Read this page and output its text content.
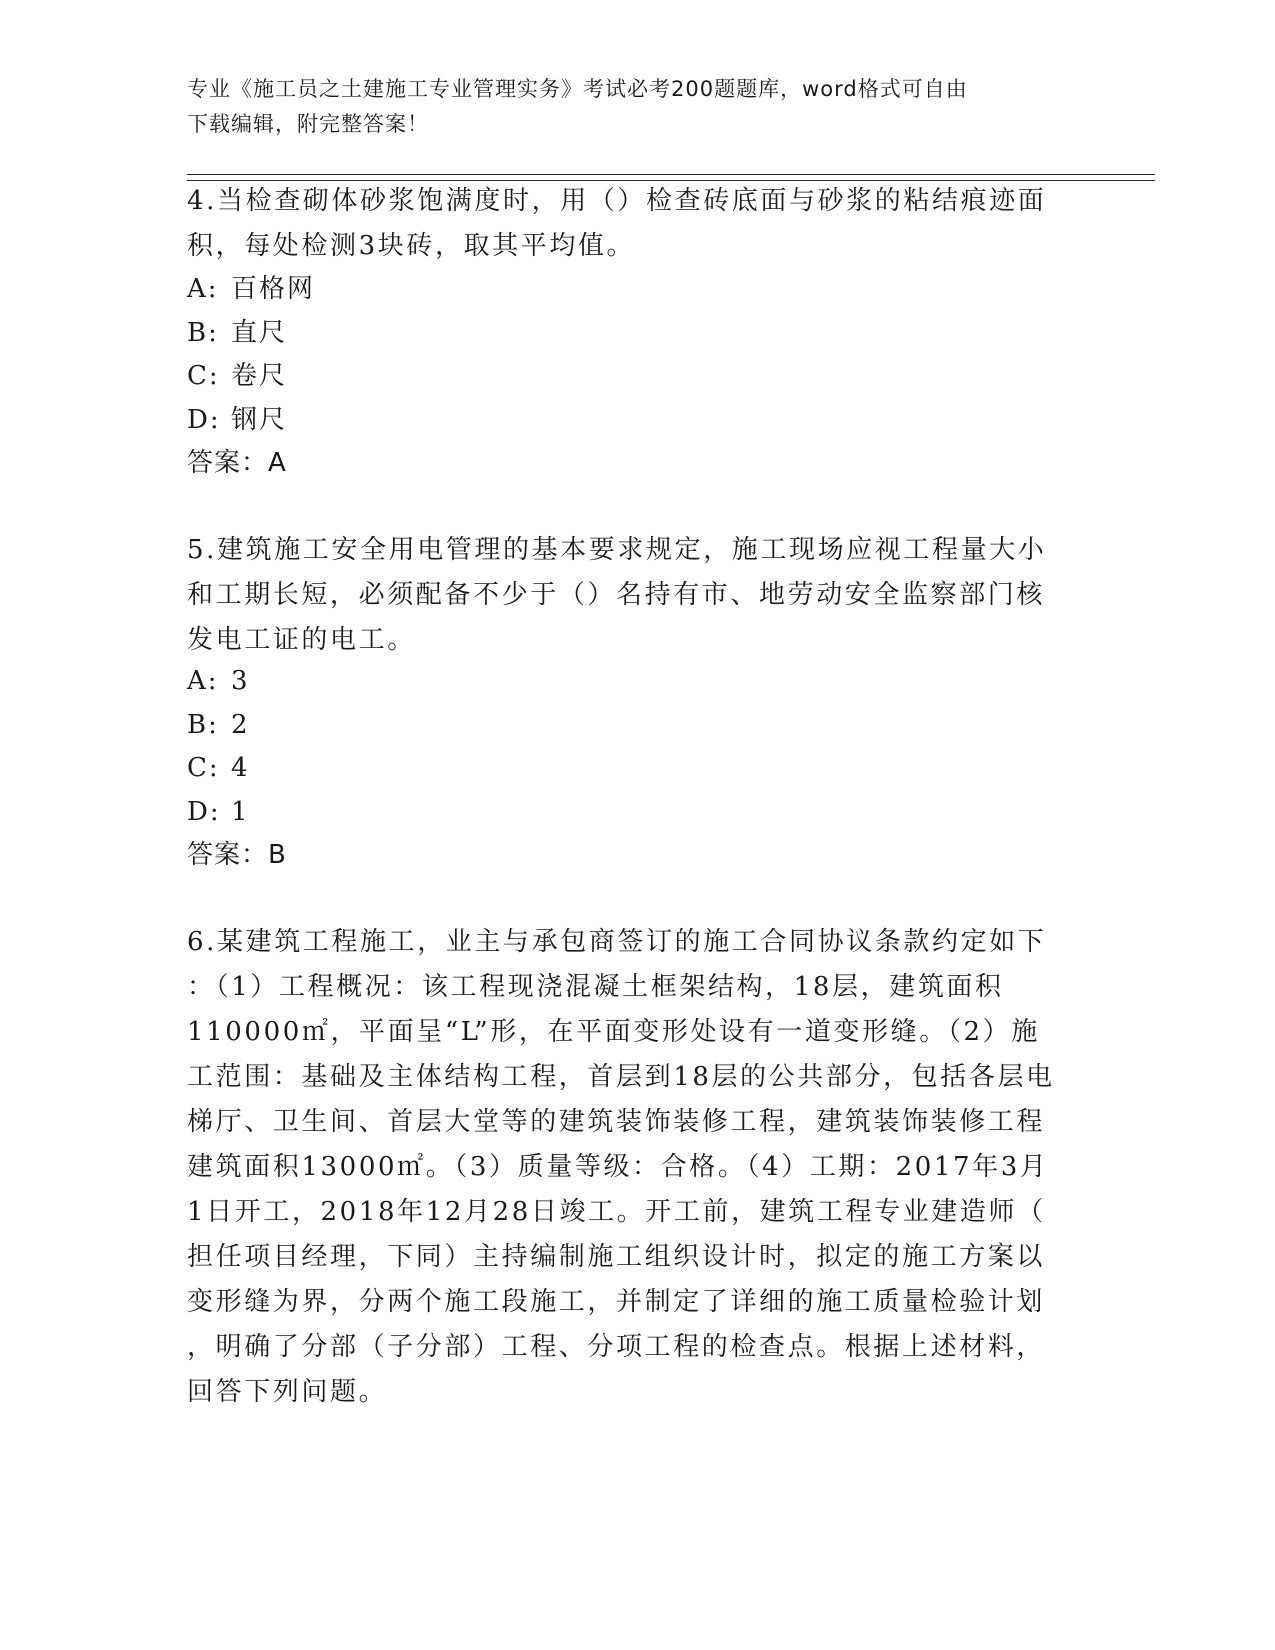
专业《施工员之土建施工专业管理实务》考试必考200题题库，word格式可自由
下载编辑，附完整答案！
4.当检查砌体砂浆饱满度时，用（）检查砖底面与砂浆的粘结痕迹面
积，每处检测3块砖，取其平均值。
A: 百格网
B: 直尺
C: 卷尺
D: 钢尺
答案：A
5.建筑施工安全用电管理的基本要求规定，施工现场应视工程量大小
和工期长短，必须配备不少于（）名持有市、地劳动安全监察部门核
发电工证的电工。
A: 3
B: 2
C: 4
D: 1
答案：B
6.某建筑工程施工，业主与承包商签订的施工合同协议条款约定如下
：（1）工程概况：该工程现浇混凝土框架结构，18层，建筑面积
110000㎡，平面呈“L”形，在平面变形处设有一道变形缝。（2）施
工范围：基础及主体结构工程，首层到18层的公共部分，包括各层电
梯厅、卫生间、首层大堂等的建筑装饰装修工程，建筑装饰装修工程
建筑面积13000㎡。（3）质量等级：合格。（4）工期：2017年3月
1日开工，2018年12月28日竣工。开工前，建筑工程专业建造师（
担任项目经理，下同）主持编制施工组织设计时，拟定的施工方案以
变形缝为界，分两个施工段施工，并制定了详细的施工质量检验计划
，明确了分部（子分部）工程、分项工程的检查点。根据上述材料，
回答下列问题。
